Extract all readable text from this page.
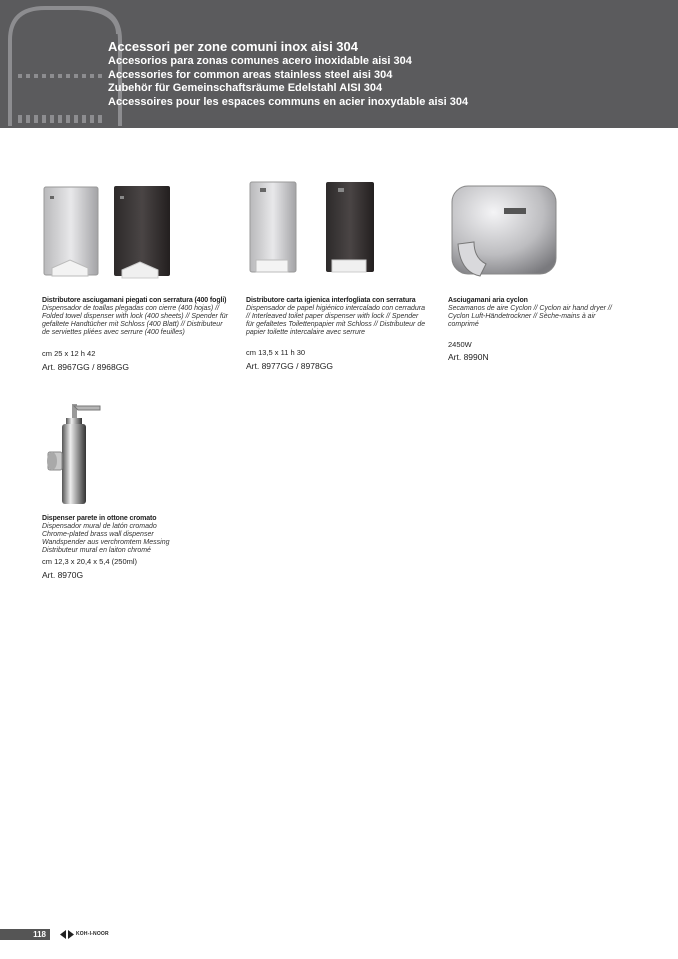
Accessori per zone comuni inox aisi 304
Accesorios para zonas comunes acero inoxidable aisi 304
Accessories for common areas stainless steel aisi 304
Zubehör für Gemeinschaftsräume Edelstahl AISI 304
Accessoires pour les espaces communs en acier inoxydable aisi 304
Distributore asciugamani piegati con serratura (400 fogli)
Dispensador de toallas plegadas con cierre (400 hojas) // Folded towel dispenser with lock (400 sheets) // Spender für gefaltete Handtücher mit Schloss (400 Blatt) // Distributeur de serviettes pliées avec serrure (400 feuilles)
cm 25 x 12 h 42
Art. 8967GG / 8968GG
Distributore carta igienica interfogliata con serratura
Dispensador de papel higiénico intercalado con cerradura // Interleaved toilet paper dispenser with lock // Spender für gefaltetes Toilettenpapier mit Schloss // Distributeur de papier toilette intercalaire avec serrure
cm 13,5 x 11 h 30
Art. 8977GG / 8978GG
Asciugamani aria cyclon
Secamanos de aire Cyclon // Cyclon air hand dryer // Cyclon Luft-Händetrockner // Sèche-mains à air comprimé
2450W
Art. 8990N
Dispenser parete in ottone cromato
Dispensador mural de latón cromado
Chrome-plated brass wall dispenser
Wandspender aus verchromtem Messing
Distributeur mural en laiton chromé
cm 12,3 x 20,4 x 5,4 (250ml)
Art. 8970G
118	KOH-I-NOOR
